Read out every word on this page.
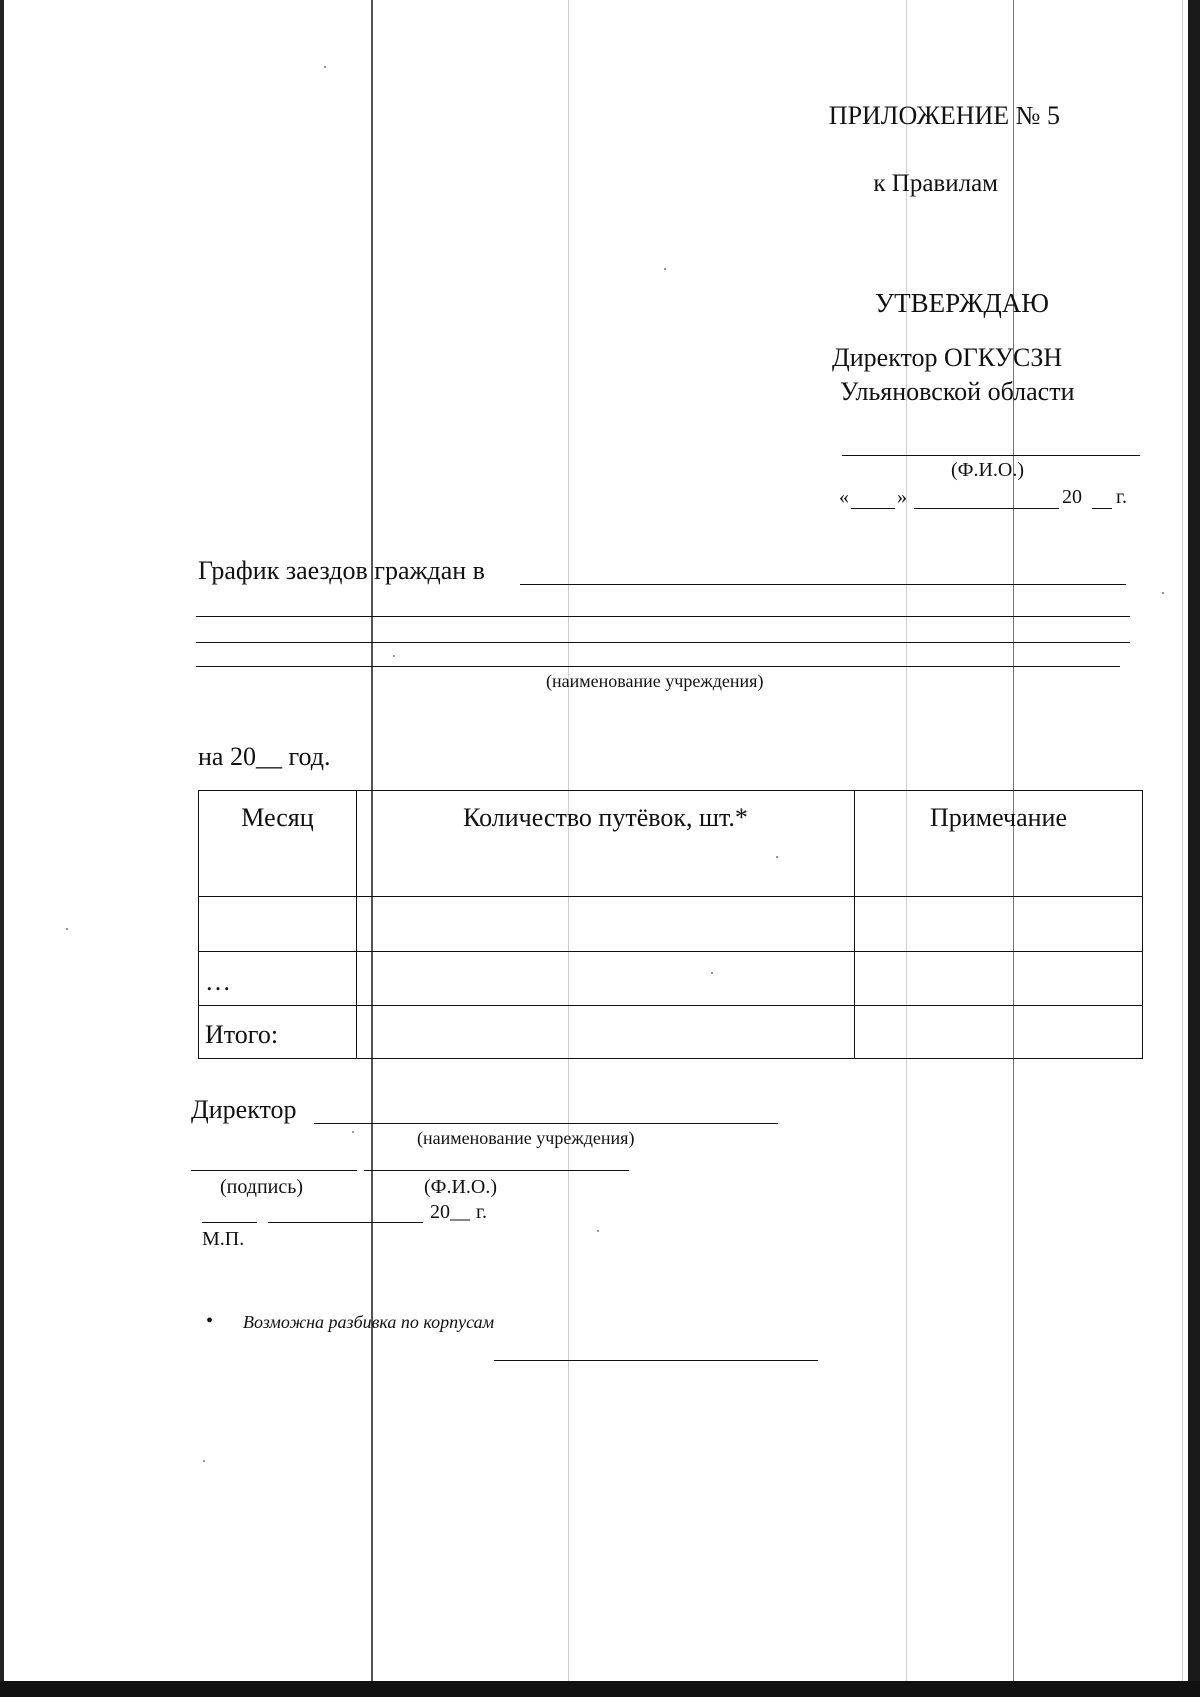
ПРИЛОЖЕНИЕ № 5
к Правилам
УТВЕРЖДАЮ
Директор ОГКУСЗН
Ульяновской области
(Ф.И.О.)
« »	20 г.
График заездов граждан в
(наименование учреждения)
на 20__ год.
Месяц	Количество путёвок, шт.*	Примечание

…		
Итого:		
Директор
(наименование учреждения)
(подпись)	(Ф.И.О.)
20__ г.
М.П.
• Возможна разбивка по корпусам
